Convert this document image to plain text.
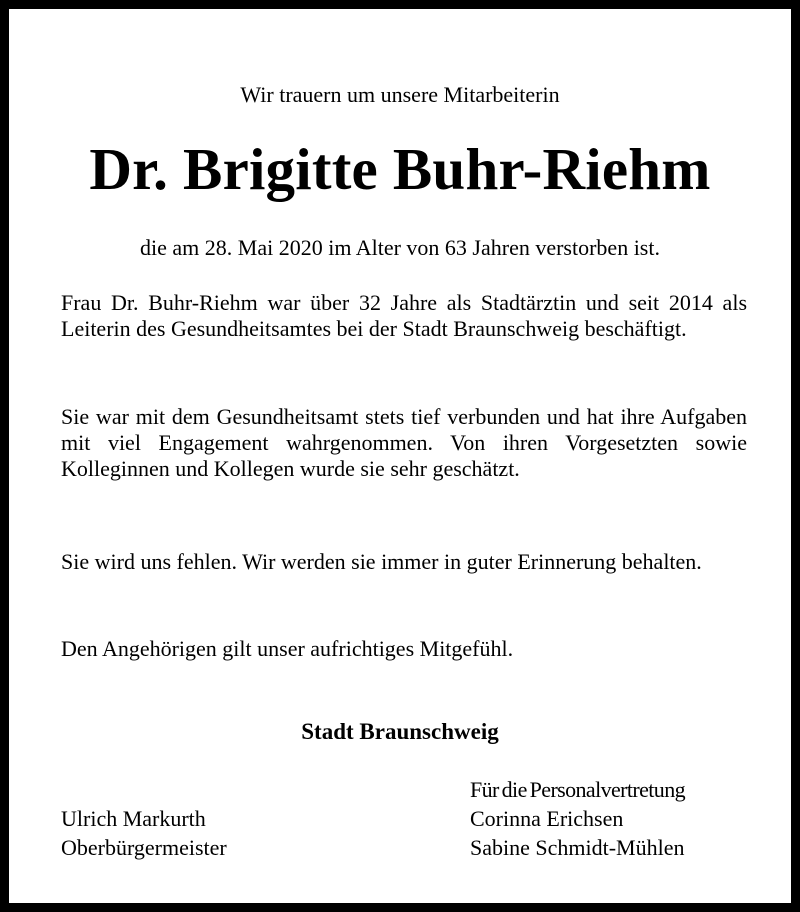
Wir trauern um unsere Mitarbeiterin
Dr. Brigitte Buhr-Riehm
die am 28. Mai 2020 im Alter von 63 Jahren verstorben ist.

Frau Dr. Buhr-Riehm war über 32 Jahre als Stadtärztin und seit 2014 als Leiterin des Gesundheitsamtes bei der Stadt Braunschweig beschäftigt.

Sie war mit dem Gesundheitsamt stets tief verbunden und hat ihre Aufgaben mit viel Engagement wahrgenommen. Von ihren Vorgesetzten sowie Kolleginnen und Kollegen wurde sie sehr geschätzt.

Sie wird uns fehlen. Wir werden sie immer in guter Erinnerung behalten.

Den Angehörigen gilt unser aufrichtiges Mitgefühl.

Stadt Braunschweig
Ulrich Markurth
Oberbürgermeister
Für die Personalvertretung
Corinna Erichsen
Sabine Schmidt-Mühlen
